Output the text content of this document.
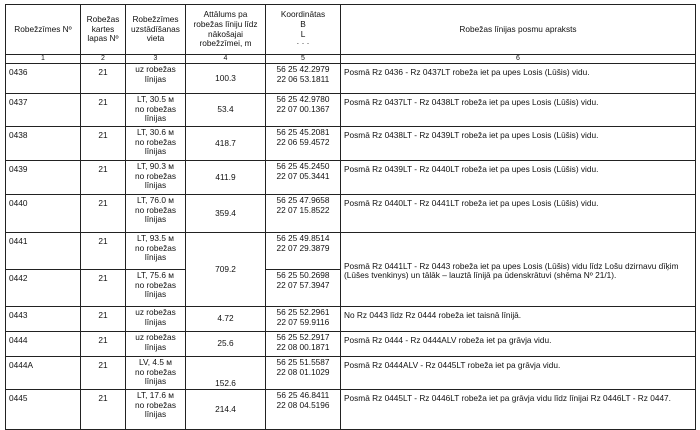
Robežzīmes Nº	Robežas kartes lapas Nº	Robežzīmes uzstādīšanas vieta	Attālums pa robežas līniju līdz nākošajai robežzīmei, m	Koordinātas
B
L
· · ·	Robežas līnijas posmu apraksts
1	2	3	4	5	6
0436	21	uz robežas
līnijas	100.3	56 25 42.2979
22 06 53.1811	Posmā Rz 0436 - Rz 0437LT robeža iet pa upes Losis (Lūšis) vidu.
0437	21	LT, 30.5 м
no robežas līnijas	53.4	56 25 42.9780
22 07 00.1367	Posmā Rz 0437LT - Rz 0438LT robeža iet pa upes Losis (Lūšis) vidu.
0438	21	LT, 30.6 м
no robežas līnijas	418.7	56 25 45.2081
22 06 59.4572	Posmā Rz 0438LT - Rz 0439LT robeža iet pa upes Losis (Lūšis) vidu.
0439	21	LT, 90.3 м
no robežas līnijas	411.9	56 25 45.2450
22 07 05.3441	Posmā Rz 0439LT - Rz 0440LT robeža iet pa upes Losis (Lūšis) vidu.
0440	21	LT, 76.0 м
no robežas līnijas	359.4	56 25 47.9658
22 07 15.8522	Posmā Rz 0440LT - Rz 0441LT robeža iet pa upes Losis (Lūšis) vidu.
0441	21	LT, 93.5 м
no robežas līnijas	709.2	56 25 49.8514
22 07 29.3879	Posmā Rz 0441LT - Rz 0443 robeža iet pa upes Losis (Lūšis) vidu līdz Lošu dzirnavu dīķim (Lūšes tvenkinys) un tālāk – lauztā līnijā pa ūdenskrātuvi (shēma Nº 21/1).
0442	21	LT, 75.6 м
no robežas līnijas		56 25 50.2698
22 07 57.3947	

0443	21	uz robežas
līnijas	4.72	56 25 52.2961
22 07 59.9116	No Rz 0443 līdz Rz 0444 robeža iet taisnā līnijā.
0444	21	uz robežas
līnijas	25.6	56 25 52.2917
22 08 00.1871	Posmā Rz 0444 - Rz 0444ALV robeža iet pa grāvja vidu.
0444A	21	LV, 4.5 м
no robežas līnijas	152.6	56 25 51.5587
22 08 01.1029	Posmā Rz 0444ALV - Rz 0445LT robeža iet pa grāvja vidu.
0445	21	LT, 17.6 м
no robežas līnijas	214.4	56 25 46.8411
22 08 04.5196	Posmā Rz 0445LT - Rz 0446LT robeža iet pa grāvja vidu līdz līnijai Rz 0446LT - Rz 0447.
